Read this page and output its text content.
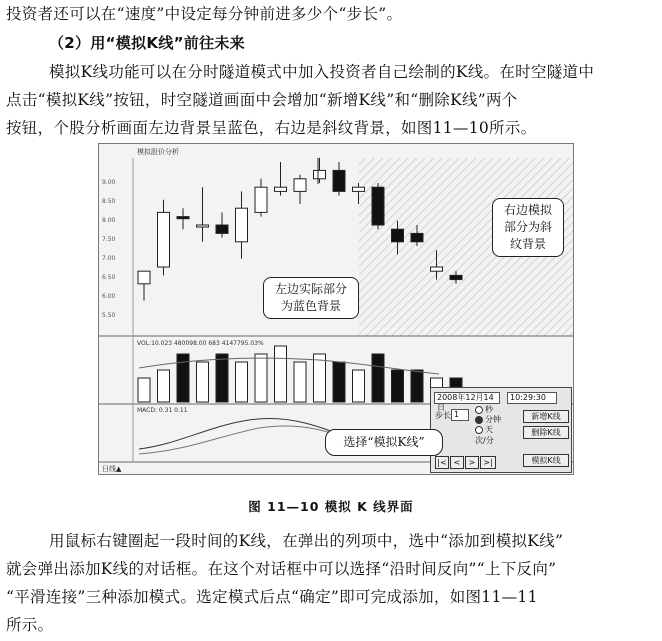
投资者还可以在“速度”中设定每分钟前进多少个“步长”。
（2）用“模拟K线”前往未来
模拟K线功能可以在分时隧道模式中加入投资者自己绘制的K线。在时空隧道中
点击“模拟K线”按钮，时空隧道画面中会增加“新增K线”和“删除K线”两个
按钮，个股分析画面左边背景呈蓝色，右边是斜纹背景，如图11—10所示。
模拟股价分析
9.00
8.50
8.00
7.50
7.00
6.50
6.00
5.50
VOL:10.023 480098.00 683 4147795.03%
MACD: 0.31 0.11
日线▲
左边实际部分为蓝色背景
右边模拟部分为斜纹背景
2008年12月14日
10:29:30
步长 1
秒
分钟
天
次/分
新增K线
删除K线
模拟K线
|< <	> >|
选择“模拟K线”
图 11—10 模拟 K 线界面
用鼠标右键圈起一段时间的K线，在弹出的列项中，选中“添加到模拟K线”
就会弹出添加K线的对话框。在这个对话框中可以选择“沿时间反向”“上下反向”
“平滑连接”三种添加模式。选定模式后点“确定”即可完成添加，如图11—11
所示。
